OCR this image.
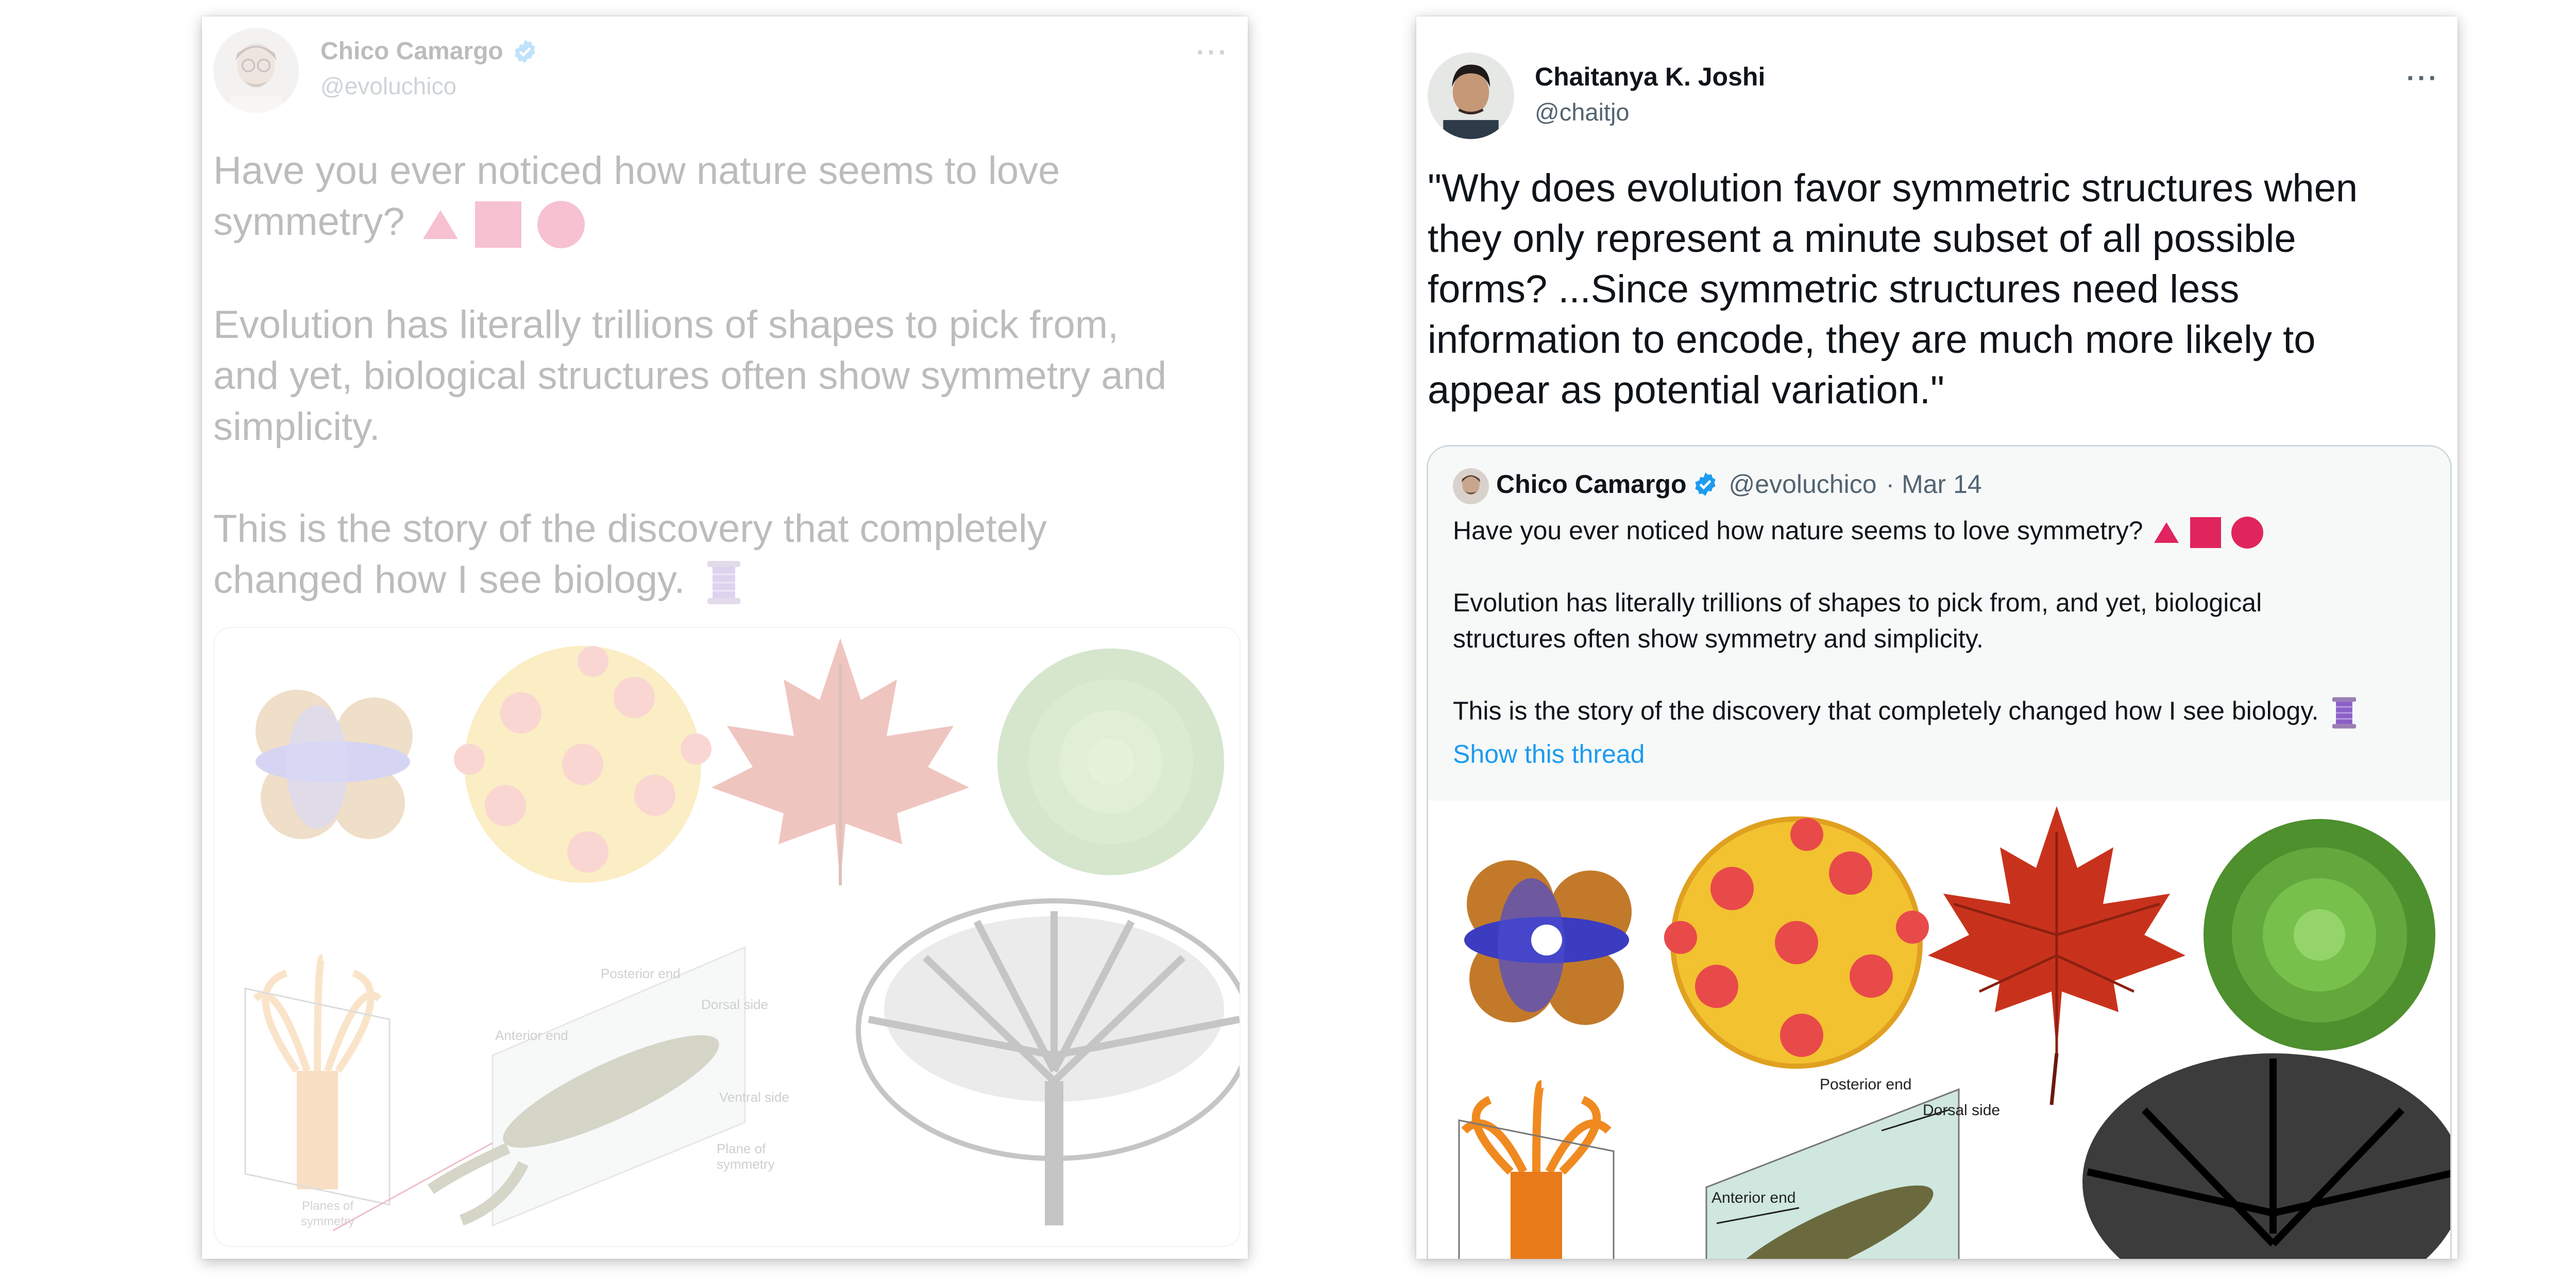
Chico Camargo
@evoluchico
···

Have you ever noticed how nature seems to love symmetry?

Evolution has literally trillions of shapes to pick from, and yet, biological structures often show symmetry and simplicity.

This is the story of the discovery that completely changed how I see biology.

Planes of
symmetry
Posterior end
Dorsal side
Anterior end
Ventral side
Plane of
symmetry
Chaitanya K. Joshi
@chaitjo
···
"Why does evolution favor symmetric structures when
they only represent a minute subset of all possible
forms? ...Since symmetric structures need less
information to encode, they are much more likely to
appear as potential variation."
Chico Camargo @evoluchico · Mar 14
Have you ever noticed how nature seems to love symmetry?
Evolution has literally trillions of shapes to pick from, and yet, biological
structures often show symmetry and simplicity.
This is the story of the discovery that completely changed how I see biology.
Show this thread
Posterior end
Dorsal side
Anterior end
